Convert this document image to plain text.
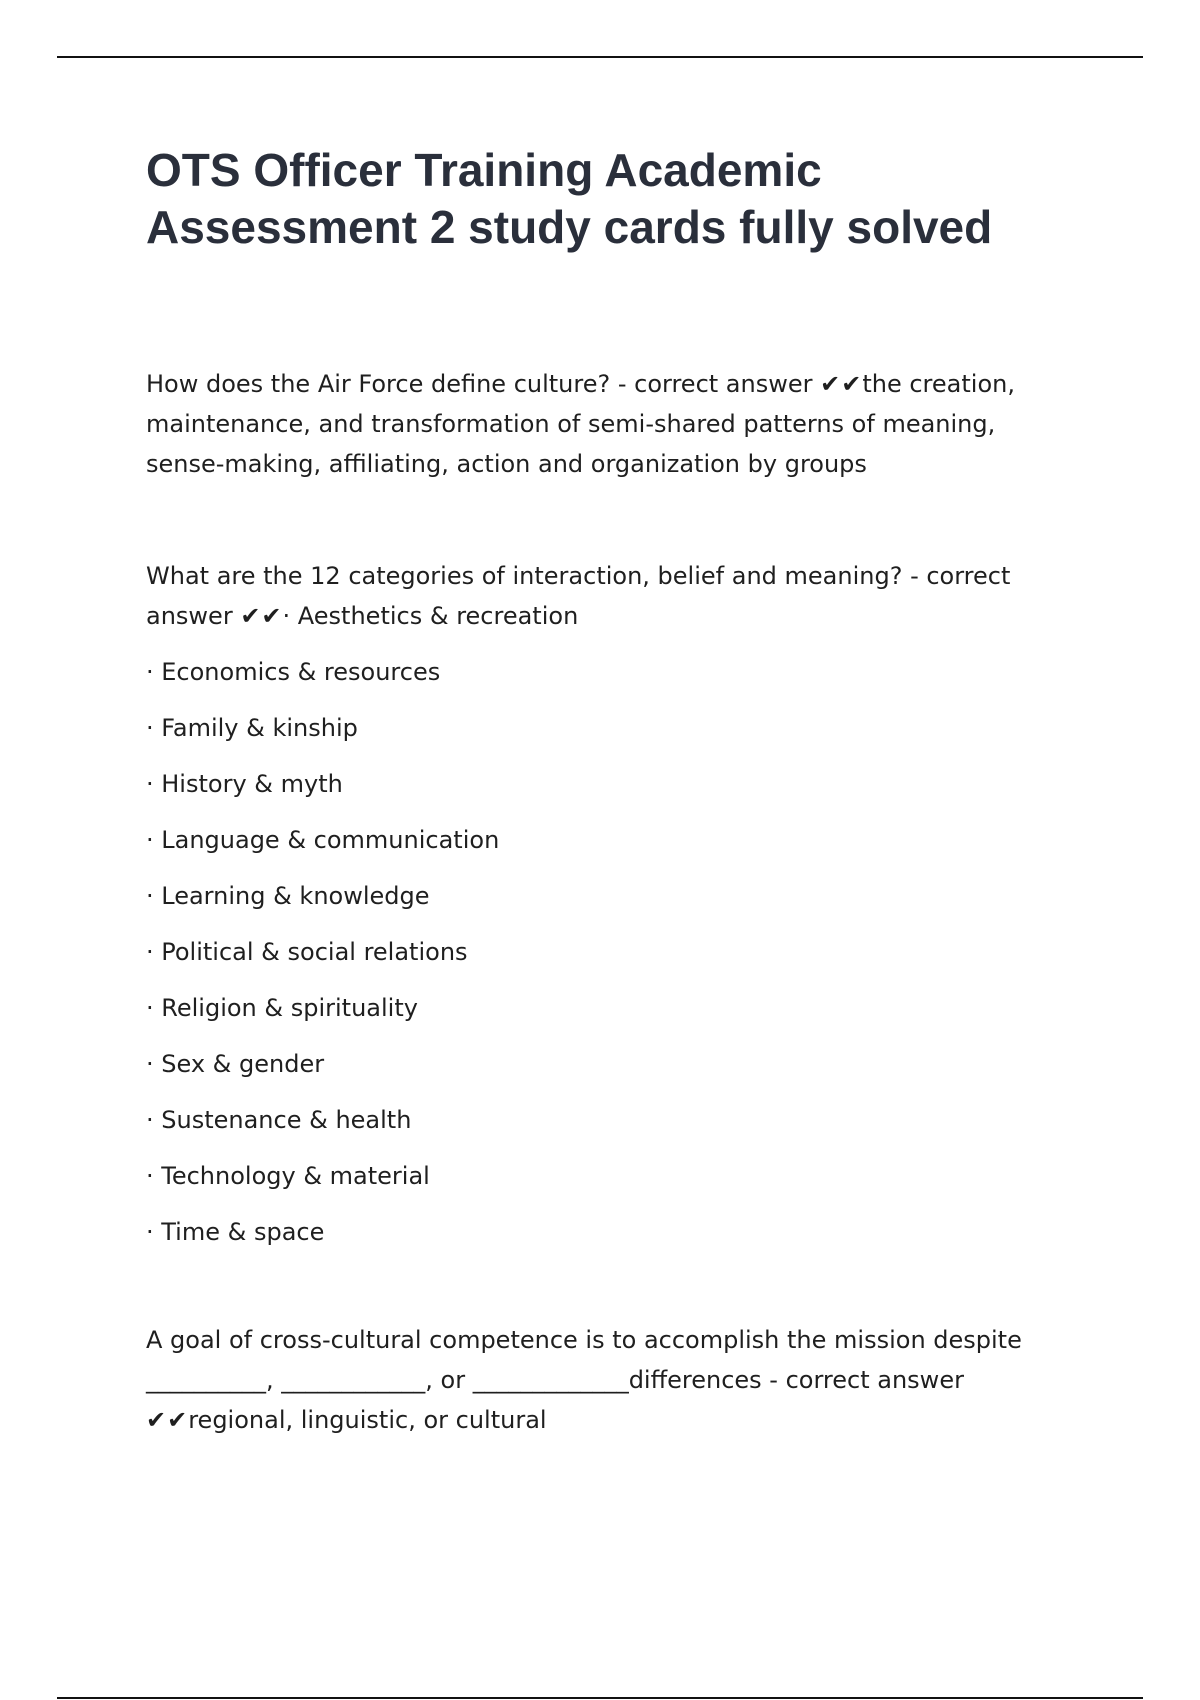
OTS Officer Training Academic Assessment 2 study cards fully solved

How does the Air Force define culture? - correct answer ✔✔the creation, maintenance, and transformation of semi-shared patterns of meaning, sense-making, affiliating, action and organization by groups

What are the 12 categories of interaction, belief and meaning? - correct answer ✔✔· Aesthetics & recreation

· Economics & resources
· Family & kinship
· History & myth
· Language & communication
· Learning & knowledge
· Political & social relations
· Religion & spirituality
· Sex & gender
· Sustenance & health
· Technology & material
· Time & space

A goal of cross-cultural competence is to accomplish the mission despite __________, ____________, or _____________differences - correct answer ✔✔regional, linguistic, or cultural
